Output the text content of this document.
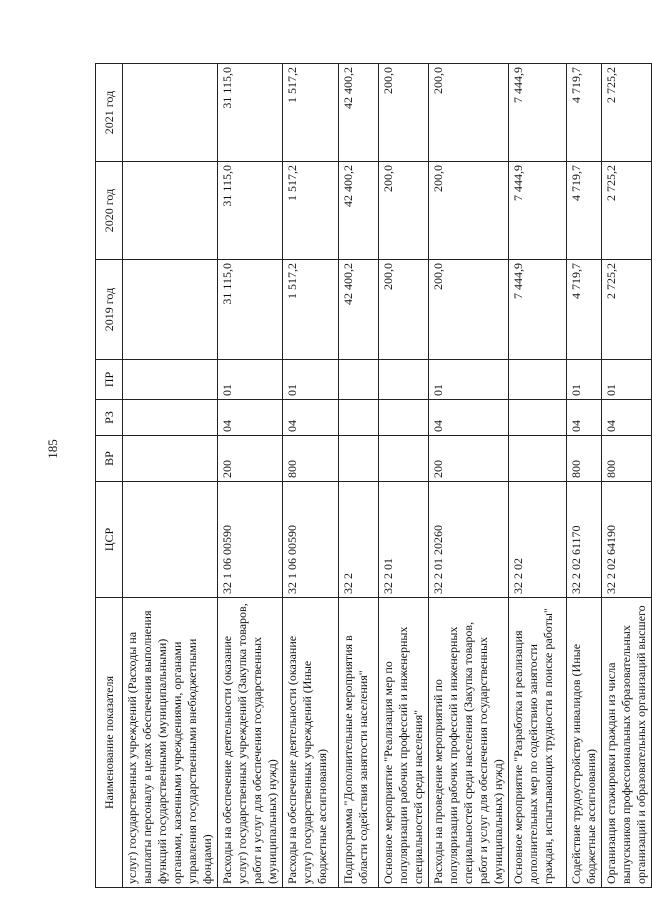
185
Наименование показателя	ЦСР	ВР	РЗ	ПР	2019 год	2020 год	2021 год
услуг) государственных учреждений (Расходы на выплаты персоналу в целях обеспечения выполнения функций государственными (муниципальными) органами, казенными учреждениями, органами управления государственными внебюджетными фондами)							
Расходы на обеспечение деятельности (оказание услуг) государственных учреждений (Закупка товаров, работ и услуг для обеспечения государственных (муниципальных) нужд)	32 1 06 00590	200	04	01	31 115,0	31 115,0	31 115,0
Расходы на обеспечение деятельности (оказание услуг) государственных учреждений (Иные бюджетные ассигнования)	32 1 06 00590	800	04	01	1 517,2	1 517,2	1 517,2
Подпрограмма "Дополнительные мероприятия в области содействия занятости населения"	32 2				42 400,2	42 400,2	42 400,2
Основное мероприятие "Реализация мер по популяризации рабочих профессий и инженерных специальностей среди населения"	32 2 01				200,0	200,0	200,0
Расходы на проведение мероприятий по популяризации рабочих профессий и инженерных специальностей среди населения (Закупка товаров, работ и услуг для обеспечения государственных (муниципальных) нужд)	32 2 01 20260	200	04	01	200,0	200,0	200,0
Основное мероприятие "Разработка и реализация дополнительных мер по содействию занятости граждан, испытывающих трудности в поиске работы"	32 2 02				7 444,9	7 444,9	7 444,9
Содействие трудоустройству инвалидов (Иные бюджетные ассигнования)	32 2 02 61170	800	04	01	4 719,7	4 719,7	4 719,7
Организация стажировки граждан из числа выпускников профессиональных образовательных организаций и образовательных организаций высшего	32 2 02 64190	800	04	01	2 725,2	2 725,2	2 725,2
